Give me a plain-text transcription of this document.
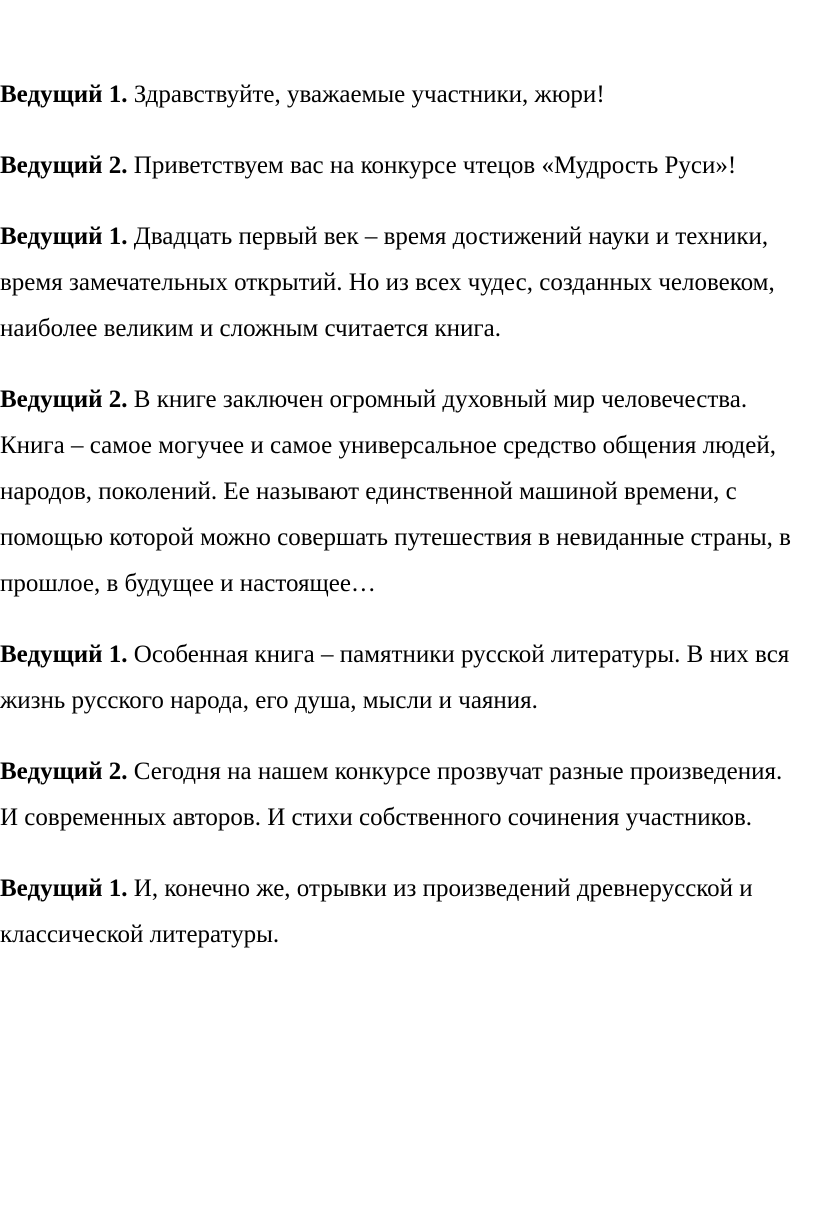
Ведущий 1. Здравствуйте, уважаемые участники, жюри!

Ведущий 2. Приветствуем вас на конкурсе чтецов «Мудрость Руси»!

Ведущий 1. Двадцать первый век – время достижений науки и техники, время замечательных открытий. Но из всех чудес, созданных человеком, наиболее великим и сложным считается книга.

Ведущий 2. В книге заключен огромный духовный мир человечества. Книга – самое могучее и самое универсальное средство общения людей, народов, поколений. Ее называют единственной машиной времени, с помощью которой можно совершать путешествия в невиданные страны, в прошлое, в будущее и настоящее…

Ведущий 1. Особенная книга – памятники русской литературы. В них вся жизнь русского народа, его душа, мысли и чаяния.

Ведущий 2. Сегодня на нашем конкурсе прозвучат разные произведения. И современных авторов. И стихи собственного сочинения участников.

Ведущий 1. И, конечно же, отрывки из произведений древнерусской и классической литературы.
